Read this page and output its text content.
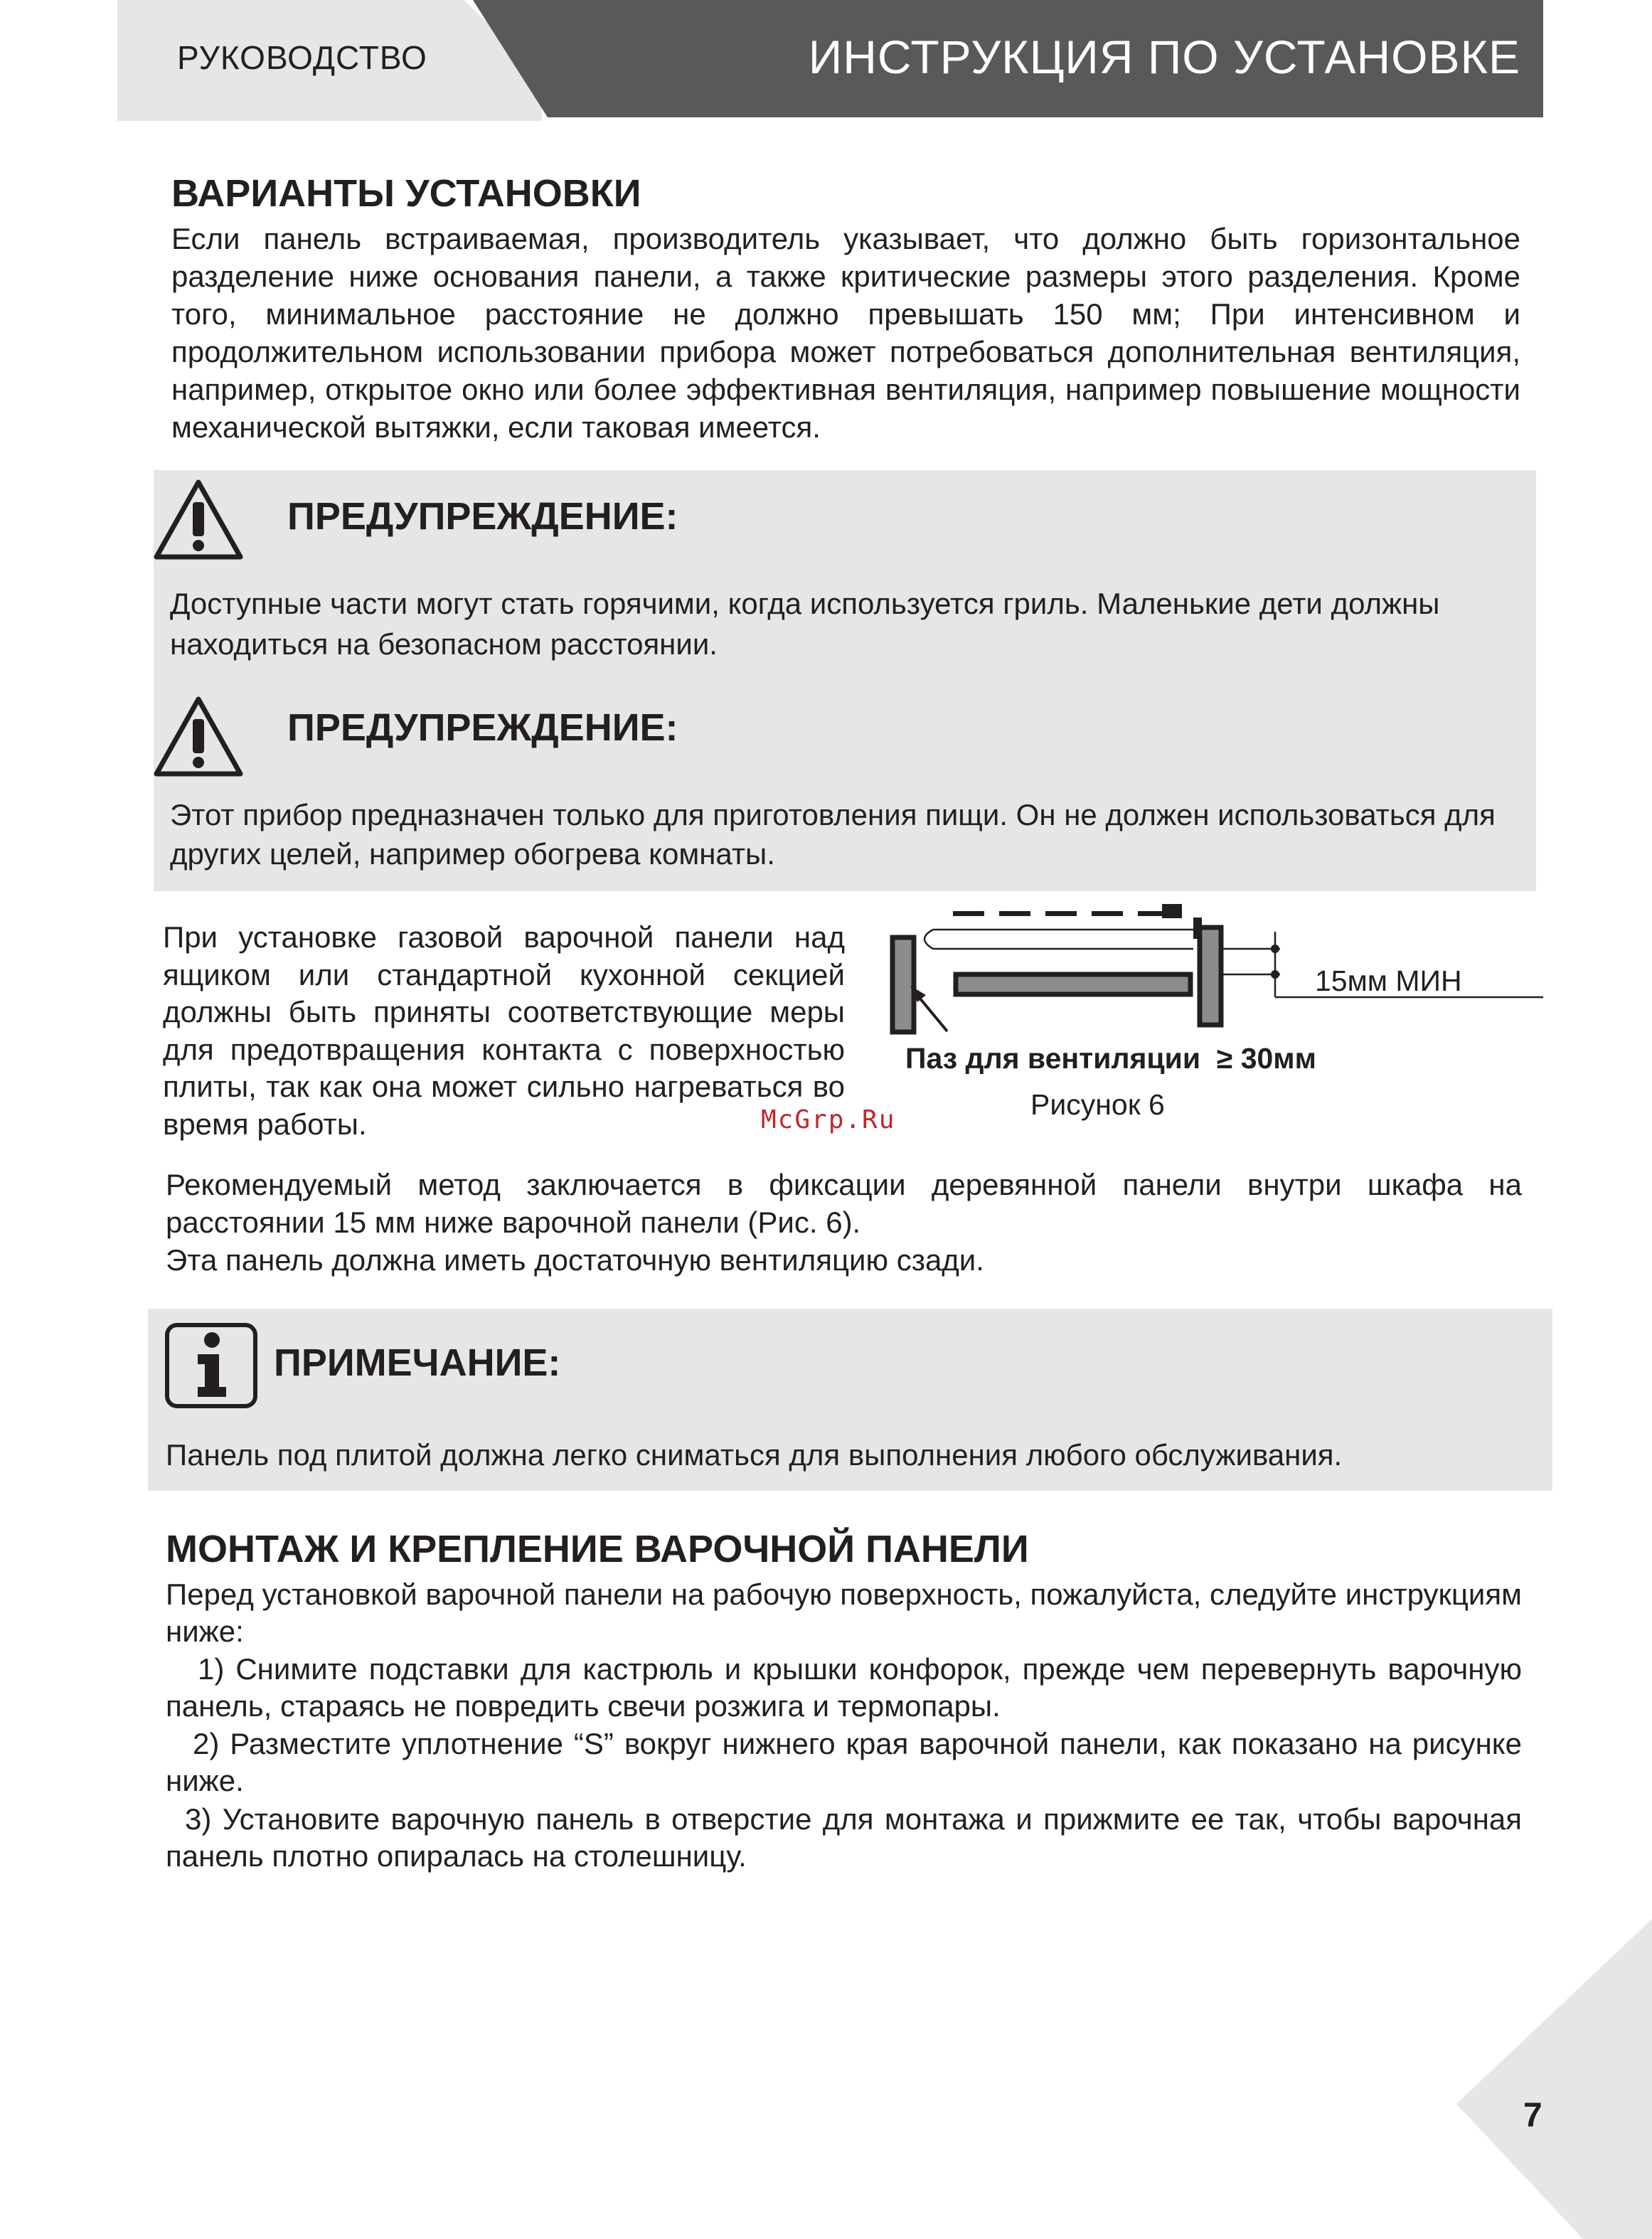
РУКОВОДСТВО	ИНСТРУКЦИЯ ПО УСТАНОВКЕ
ВАРИАНТЫ УСТАНОВКИ

Если панель встраиваемая, производитель указывает, что должно быть горизонтальное разделение ниже основания панели, а также критические размеры этого разделения. Кроме того, минимальное расстояние не должно превышать 150 мм; При интенсивном и продолжительном использовании прибора может потребоваться дополнительная вентиляция, например, открытое окно или более эффективная вентиляция, например повышение мощности механической вытяжки, если таковая имеется.

ПРЕДУПРЕЖДЕНИЕ:

Доступные части могут стать горячими, когда используется гриль. Маленькие дети должны находиться на безопасном расстоянии.

ПРЕДУПРЕЖДЕНИЕ:

Этот прибор предназначен только для приготовления пищи. Он не должен использоваться для других целей, например обогрева комнаты.

При установке газовой варочной панели над ящиком или стандартной кухонной секцией должны быть приняты соответствующие меры для предотвращения контакта с поверхностью плиты, так как она может сильно нагреваться во время работы.

15мм МИН
Паз для вентиляции  ≥ 30мм
Рисунок 6
McGrp.Ru

Рекомендуемый метод заключается в фиксации деревянной панели внутри шкафа на расстоянии 15 мм ниже варочной панели (Рис. 6).

Эта панель должна иметь достаточную вентиляцию сзади.

ПРИМЕЧАНИЕ:

Панель под плитой должна легко сниматься для выполнения любого обслуживания.

МОНТАЖ И КРЕПЛЕНИЕ ВАРОЧНОЙ ПАНЕЛИ

Перед установкой варочной панели на рабочую поверхность, пожалуйста, следуйте инструкциям ниже:

1) Снимите подставки для кастрюль и крышки конфорок, прежде чем перевернуть варочную панель, стараясь не повредить свечи розжига и термопары.

2) Разместите уплотнение “S” вокруг нижнего края варочной панели, как показано на рисунке ниже.

3) Установите варочную панель в отверстие для монтажа и прижмите ее так, чтобы варочная панель плотно опиралась на столешницу.

7
